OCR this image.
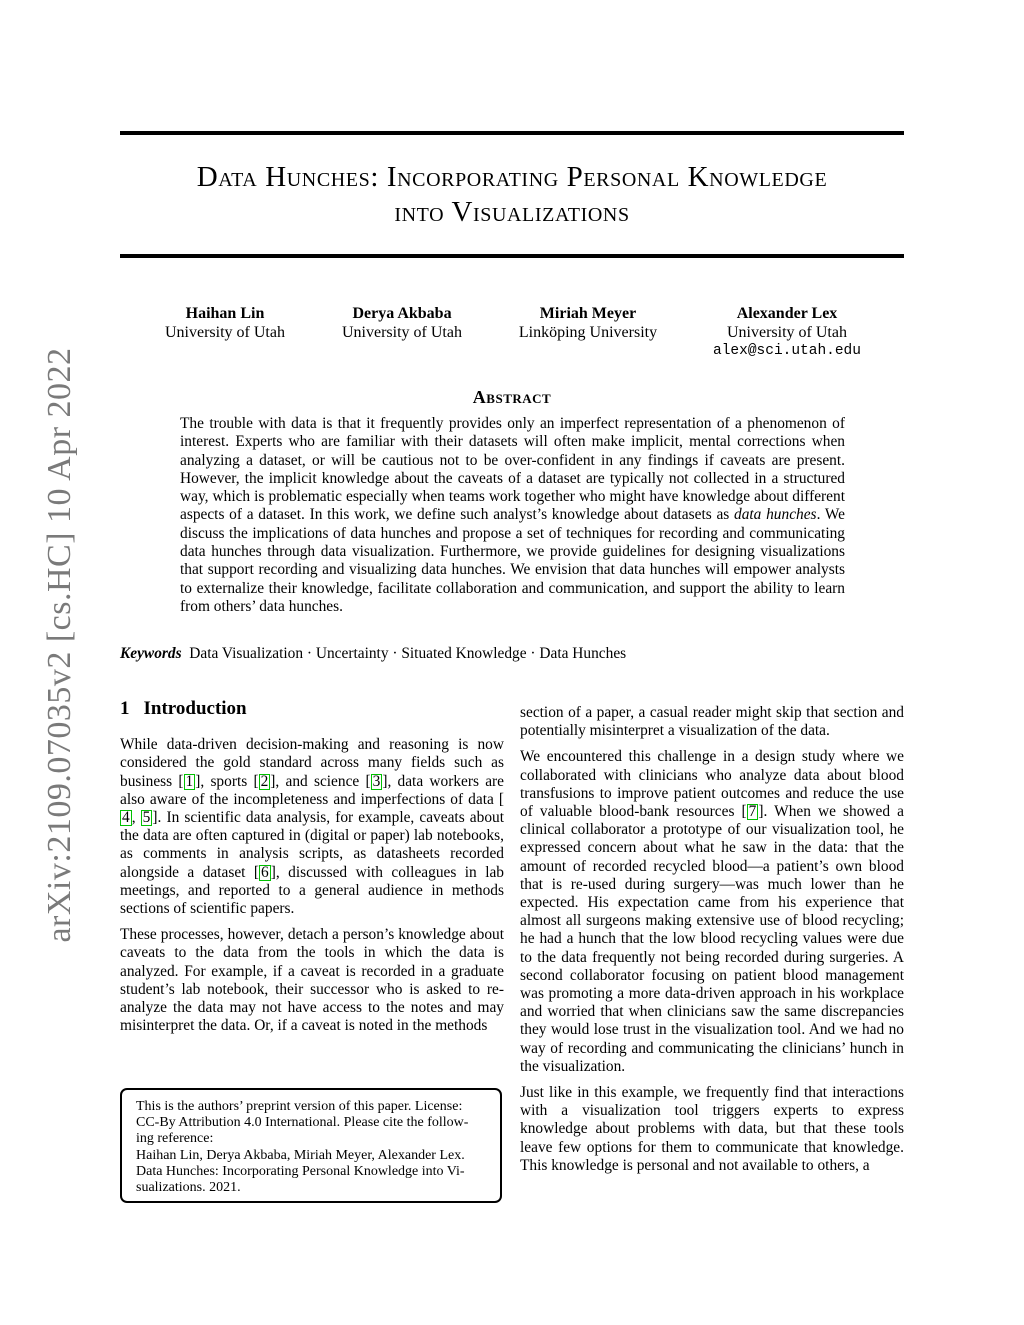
arXiv:2109.07035v2 [cs.HC] 10 Apr 2022
Data Hunches: Incorporating Personal Knowledge
into Visualizations
Haihan Lin
University of Utah
Derya Akbaba
University of Utah
Miriah Meyer
Linköping University
Alexander Lex
University of Utah
alex@sci.utah.edu
Abstract
The trouble with data is that it frequently provides only an imperfect representation of a phenomenon of interest. Experts who are familiar with their datasets will often make implicit, mental corrections when analyzing a dataset, or will be cautious not to be over-confident in any findings if caveats are present. However, the implicit knowledge about the caveats of a dataset are typically not collected in a structured way, which is problematic especially when teams work together who might have knowledge about different aspects of a dataset. In this work, we define such analyst’s knowledge about datasets as data hunches. We discuss the implications of data hunches and propose a set of techniques for recording and communicating data hunches through data visualization. Furthermore, we provide guidelines for designing visualizations that support recording and visualizing data hunches. We envision that data hunches will empower analysts to externalize their knowledge, facilitate collaboration and communication, and support the ability to learn from others’ data hunches.
Keywords Data Visualization · Uncertainty · Situated Knowledge · Data Hunches
1 Introduction

While data-driven decision-making and reasoning is now considered the gold standard across many fields such as business [ 1 ], sports [ 2 ], and science [ 3 ], data workers are also aware of the incompleteness and imperfections of data [4 , 5 ]. In scientific data analysis, for example, caveats about the data are often captured in (digital or paper) lab notebooks, as comments in analysis scripts, as datasheets recorded alongside a dataset [ 6 ], discussed with colleagues in lab meetings, and reported to a general audience in methods sections of scientific papers.

These processes, however, detach a person’s knowledge about caveats to the data from the tools in which the data is analyzed. For example, if a caveat is recorded in a graduate student’s lab notebook, their successor who is asked to re-analyze the data may not have access to the notes and may misinterpret the data. Or, if a caveat is noted in the methods

This is the authors’ preprint version of this paper. License:
CC-By Attribution 4.0 International. Please cite the follow-
ing reference:
Haihan Lin, Derya Akbaba, Miriah Meyer, Alexander Lex.
Data Hunches: Incorporating Personal Knowledge into Vi-
sualizations. 2021.

section of a paper, a casual reader might skip that section and potentially misinterpret a visualization of the data.

We encountered this challenge in a design study where we collaborated with clinicians who analyze data about blood transfusions to improve patient outcomes and reduce the use of valuable blood-bank resources [ 7 ]. When we showed a clinical collaborator a prototype of our visualization tool, he expressed concern about what he saw in the data: that the amount of recorded recycled blood—a patient’s own blood that is re-used during surgery—was much lower than he expected. His expectation came from his experience that almost all surgeons making extensive use of blood recycling; he had a hunch that the low blood recycling values were due to the data frequently not being recorded during surgeries. A second collaborator focusing on patient blood management was promoting a more data-driven approach in his workplace and worried that when clinicians saw the same discrepancies they would lose trust in the visualization tool. And we had no way of recording and communicating the clinicians’ hunch in the visualization.

Just like in this example, we frequently find that interactions with a visualization tool triggers experts to express knowledge about problems with data, but that these tools leave few options for them to communicate that knowledge. This knowledge is personal and not available to others, a
